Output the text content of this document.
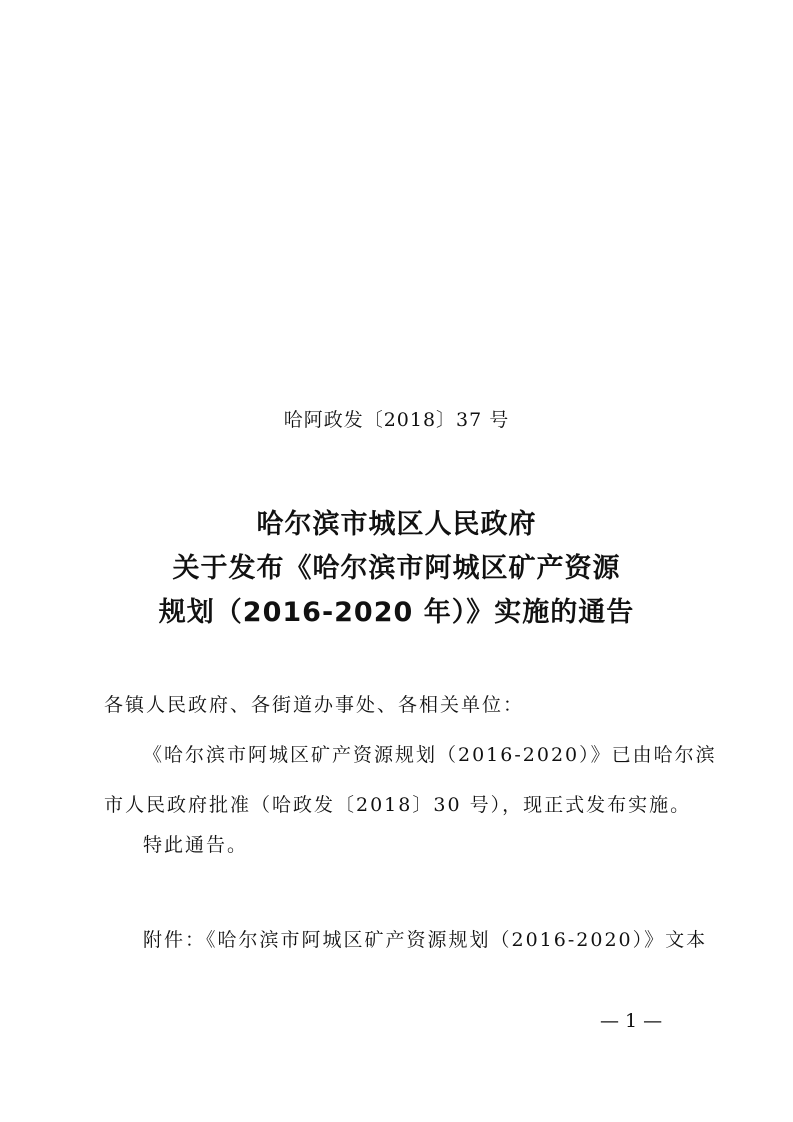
哈阿政发〔2018〕37 号
哈尔滨市城区人民政府
关于发布《哈尔滨市阿城区矿产资源
规划（2016-2020 年）》实施的通告
各镇人民政府、各街道办事处、各相关单位：
《哈尔滨市阿城区矿产资源规划（2016-2020）》已由哈尔滨
市人民政府批准（哈政发〔2018〕30 号），现正式发布实施。
特此通告。
附件：《哈尔滨市阿城区矿产资源规划（2016-2020）》文本
— 1 —
